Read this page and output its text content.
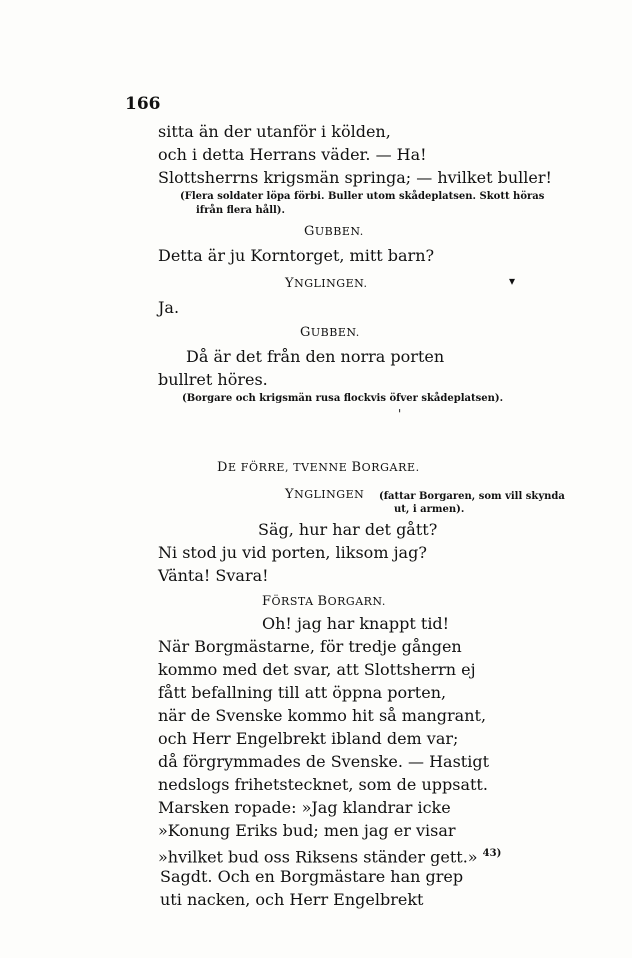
166
sitta än der utanför i kölden,
och i detta Herrans väder. — Ha!
Slottsherrns krigsmän springa; — hvilket buller!
(Flera soldater löpa förbi. Buller utom skådeplatsen. Skott höras
ifrån flera håll).
GUBBEN.
Detta är ju Korntorget, mitt barn?
YNGLINGEN.	▾
Ja.
GUBBEN.
Då är det från den norra porten
bullret höres.
(Borgare och krigsmän rusa flockvis öfver skådeplatsen).
'
DE FÖRRE, TVENNE BORGARE.
YNGLINGEN (fattar Borgaren, som vill skynda
ut, i armen).
Säg, hur har det gått?
Ni stod ju vid porten, liksom jag?
Vänta! Svara!
FÖRSTA BORGARN.
Oh! jag har knappt tid!
När Borgmästarne, för tredje gången
kommo med det svar, att Slottsherrn ej
fått befallning till att öppna porten,
när de Svenske kommo hit så mangrant,
och Herr Engelbrekt ibland dem var;
då förgrymmades de Svenske. — Hastigt
nedslogs frihetstecknet, som de uppsatt.
Marsken ropade: »Jag klandrar icke
»Konung Eriks bud; men jag er visar
»hvilket bud oss Riksens ständer gett.» $^{43)}$
Sagdt. Och en Borgmästare han grep
uti nacken, och Herr Engelbrekt
